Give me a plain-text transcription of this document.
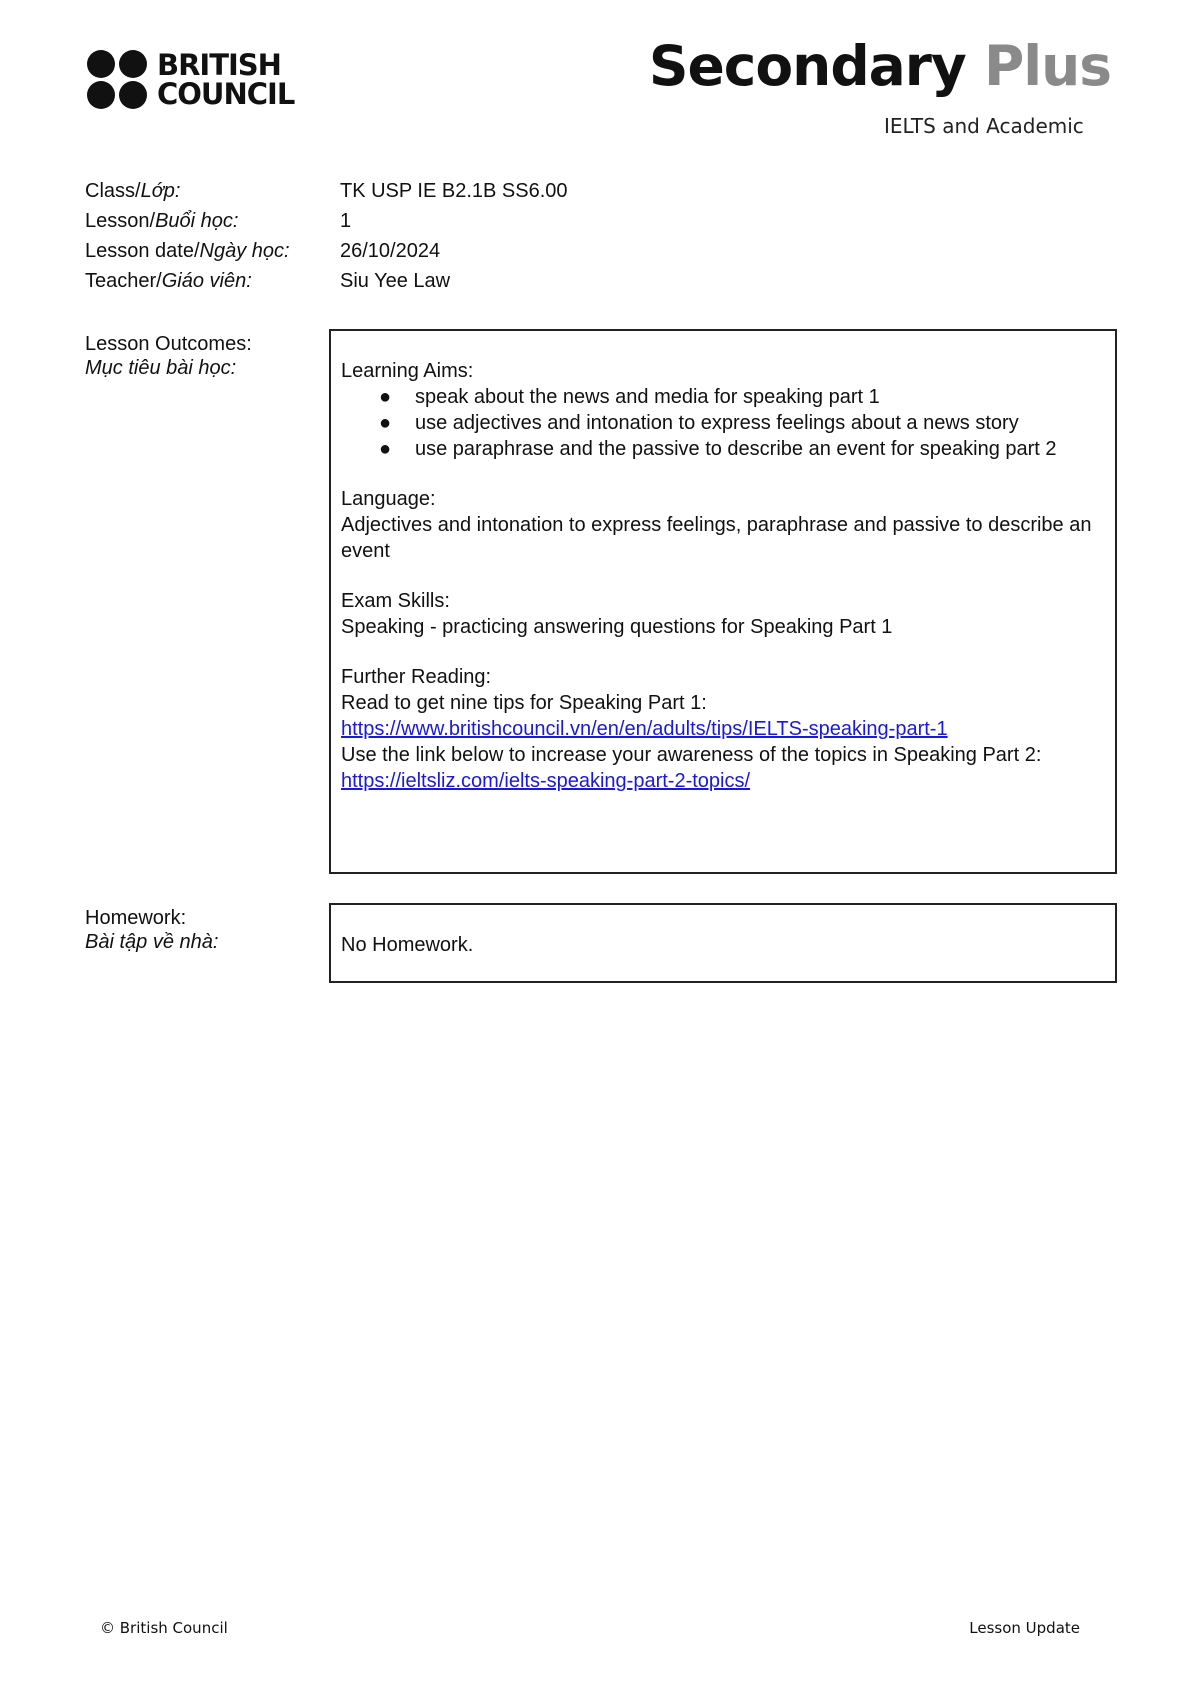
BRITISH
COUNCIL	Secondary Plus
IELTS and Academic
Class/Lớp:	TK USP IE B2.1B SS6.00
Lesson/Buổi học:	1
Lesson date/Ngày học:	26/10/2024
Teacher/Giáo viên:	Siu Yee Law
Lesson Outcomes:
Mục tiêu bài học:	Learning Aims:

● speak about the news and media for speaking part 1
● use adjectives and intonation to express feelings about a news story
● use paraphrase and the passive to describe an event for speaking part 2

Language:

Adjectives and intonation to express feelings, paraphrase and passive to describe an event

Exam Skills:

Speaking - practicing answering questions for Speaking Part 1

Further Reading:

Read to get nine tips for Speaking Part 1:

https://www.britishcouncil.vn/en/en/adults/tips/IELTS-speaking-part-1

Use the link below to increase your awareness of the topics in Speaking Part 2:

https://ieltsliz.com/ielts-speaking-part-2-topics/

Homework:
Bài tập về nhà:	No Homework.

© British Council	Lesson Update
